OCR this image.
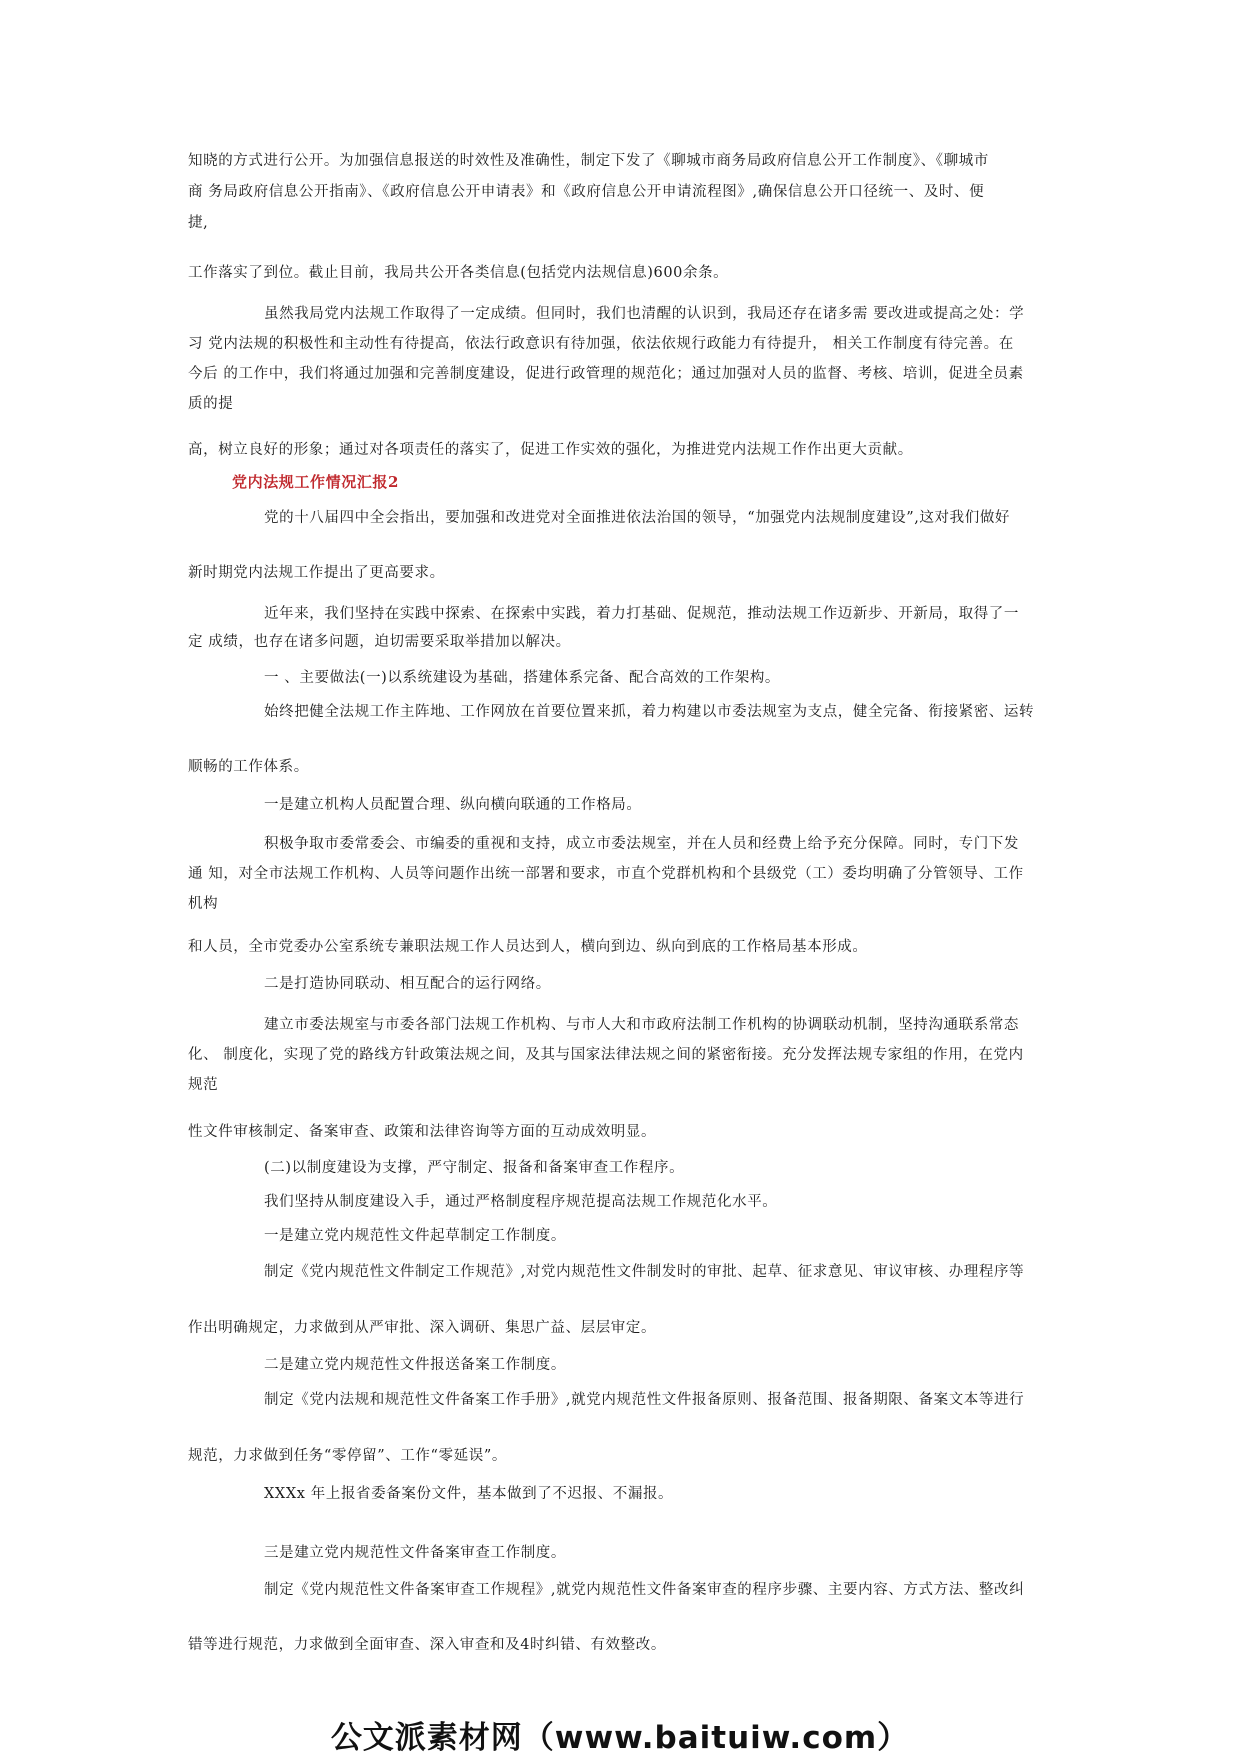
知晓的方式进行公开。为加强信息报送的时效性及准确性，制定下发了《聊城市商务局政府信息公开工作制度》、《聊城市
商 务局政府信息公开指南》、《政府信息公开申请表》和《政府信息公开申请流程图》,确保信息公开口径统一、及时、便
捷,
工作落实了到位。截止目前，我局共公开各类信息(包括党内法规信息)600余条。
虽然我局党内法规工作取得了一定成绩。但同时，我们也清醒的认识到，我局还存在诸多需 要改进或提高之处：学
习 党内法规的积极性和主动性有待提高，依法行政意识有待加强，依法依规行政能力有待提升， 相关工作制度有待完善。在
今后 的工作中，我们将通过加强和完善制度建设，促进行政管理的规范化；通过加强对人员的监督、考核、培训，促进全员素
质的提
高，树立良好的形象；通过对各项责任的落实了，促进工作实效的强化，为推进党内法规工作作出更大贡献。
党内法规工作情况汇报2
党的十八届四中全会指出，要加强和改进党对全面推进依法治国的领导，“加强党内法规制度建设”,这对我们做好
新时期党内法规工作提出了更高要求。
近年来，我们坚持在实践中探索、在探索中实践，着力打基础、促规范，推动法规工作迈新步、开新局，取得了一
定 成绩，也存在诸多问题，迫切需要采取举措加以解决。
一 、主要做法(一)以系统建设为基础，搭建体系完备、配合高效的工作架构。
始终把健全法规工作主阵地、工作网放在首要位置来抓，着力构建以市委法规室为支点，健全完备、衔接紧密、运转
顺畅的工作体系。
一是建立机构人员配置合理、纵向横向联通的工作格局。
积极争取市委常委会、市编委的重视和支持，成立市委法规室，并在人员和经费上给予充分保障。同时，专门下发
通 知，对全市法规工作机构、人员等问题作出统一部署和要求，市直个党群机构和个县级党（工）委均明确了分管领导、工作
机构
和人员，全市党委办公室系统专兼职法规工作人员达到人，横向到边、纵向到底的工作格局基本形成。
二是打造协同联动、相互配合的运行网络。
建立市委法规室与市委各部门法规工作机构、与市人大和市政府法制工作机构的协调联动机制，坚持沟通联系常态
化、 制度化，实现了党的路线方针政策法规之间，及其与国家法律法规之间的紧密衔接。充分发挥法规专家组的作用，在党内
规范
性文件审核制定、备案审查、政策和法律咨询等方面的互动成效明显。
(二)以制度建设为支撑，严守制定、报备和备案审查工作程序。
我们坚持从制度建设入手，通过严格制度程序规范提高法规工作规范化水平。
一是建立党内规范性文件起草制定工作制度。
制定《党内规范性文件制定工作规范》,对党内规范性文件制发时的审批、起草、征求意见、审议审核、办理程序等
作出明确规定，力求做到从严审批、深入调研、集思广益、层层审定。
二是建立党内规范性文件报送备案工作制度。
制定《党内法规和规范性文件备案工作手册》,就党内规范性文件报备原则、报备范围、报备期限、备案文本等进行
规范，力求做到任务“零停留”、工作“零延误”。
XXXx 年上报省委备案份文件，基本做到了不迟报、不漏报。
三是建立党内规范性文件备案审查工作制度。
制定《党内规范性文件备案审查工作规程》,就党内规范性文件备案审查的程序步骤、主要内容、方式方法、整改纠
错等进行规范，力求做到全面审查、深入审查和及4时纠错、有效整改。
公文派素材网（www.baituiw.com）
